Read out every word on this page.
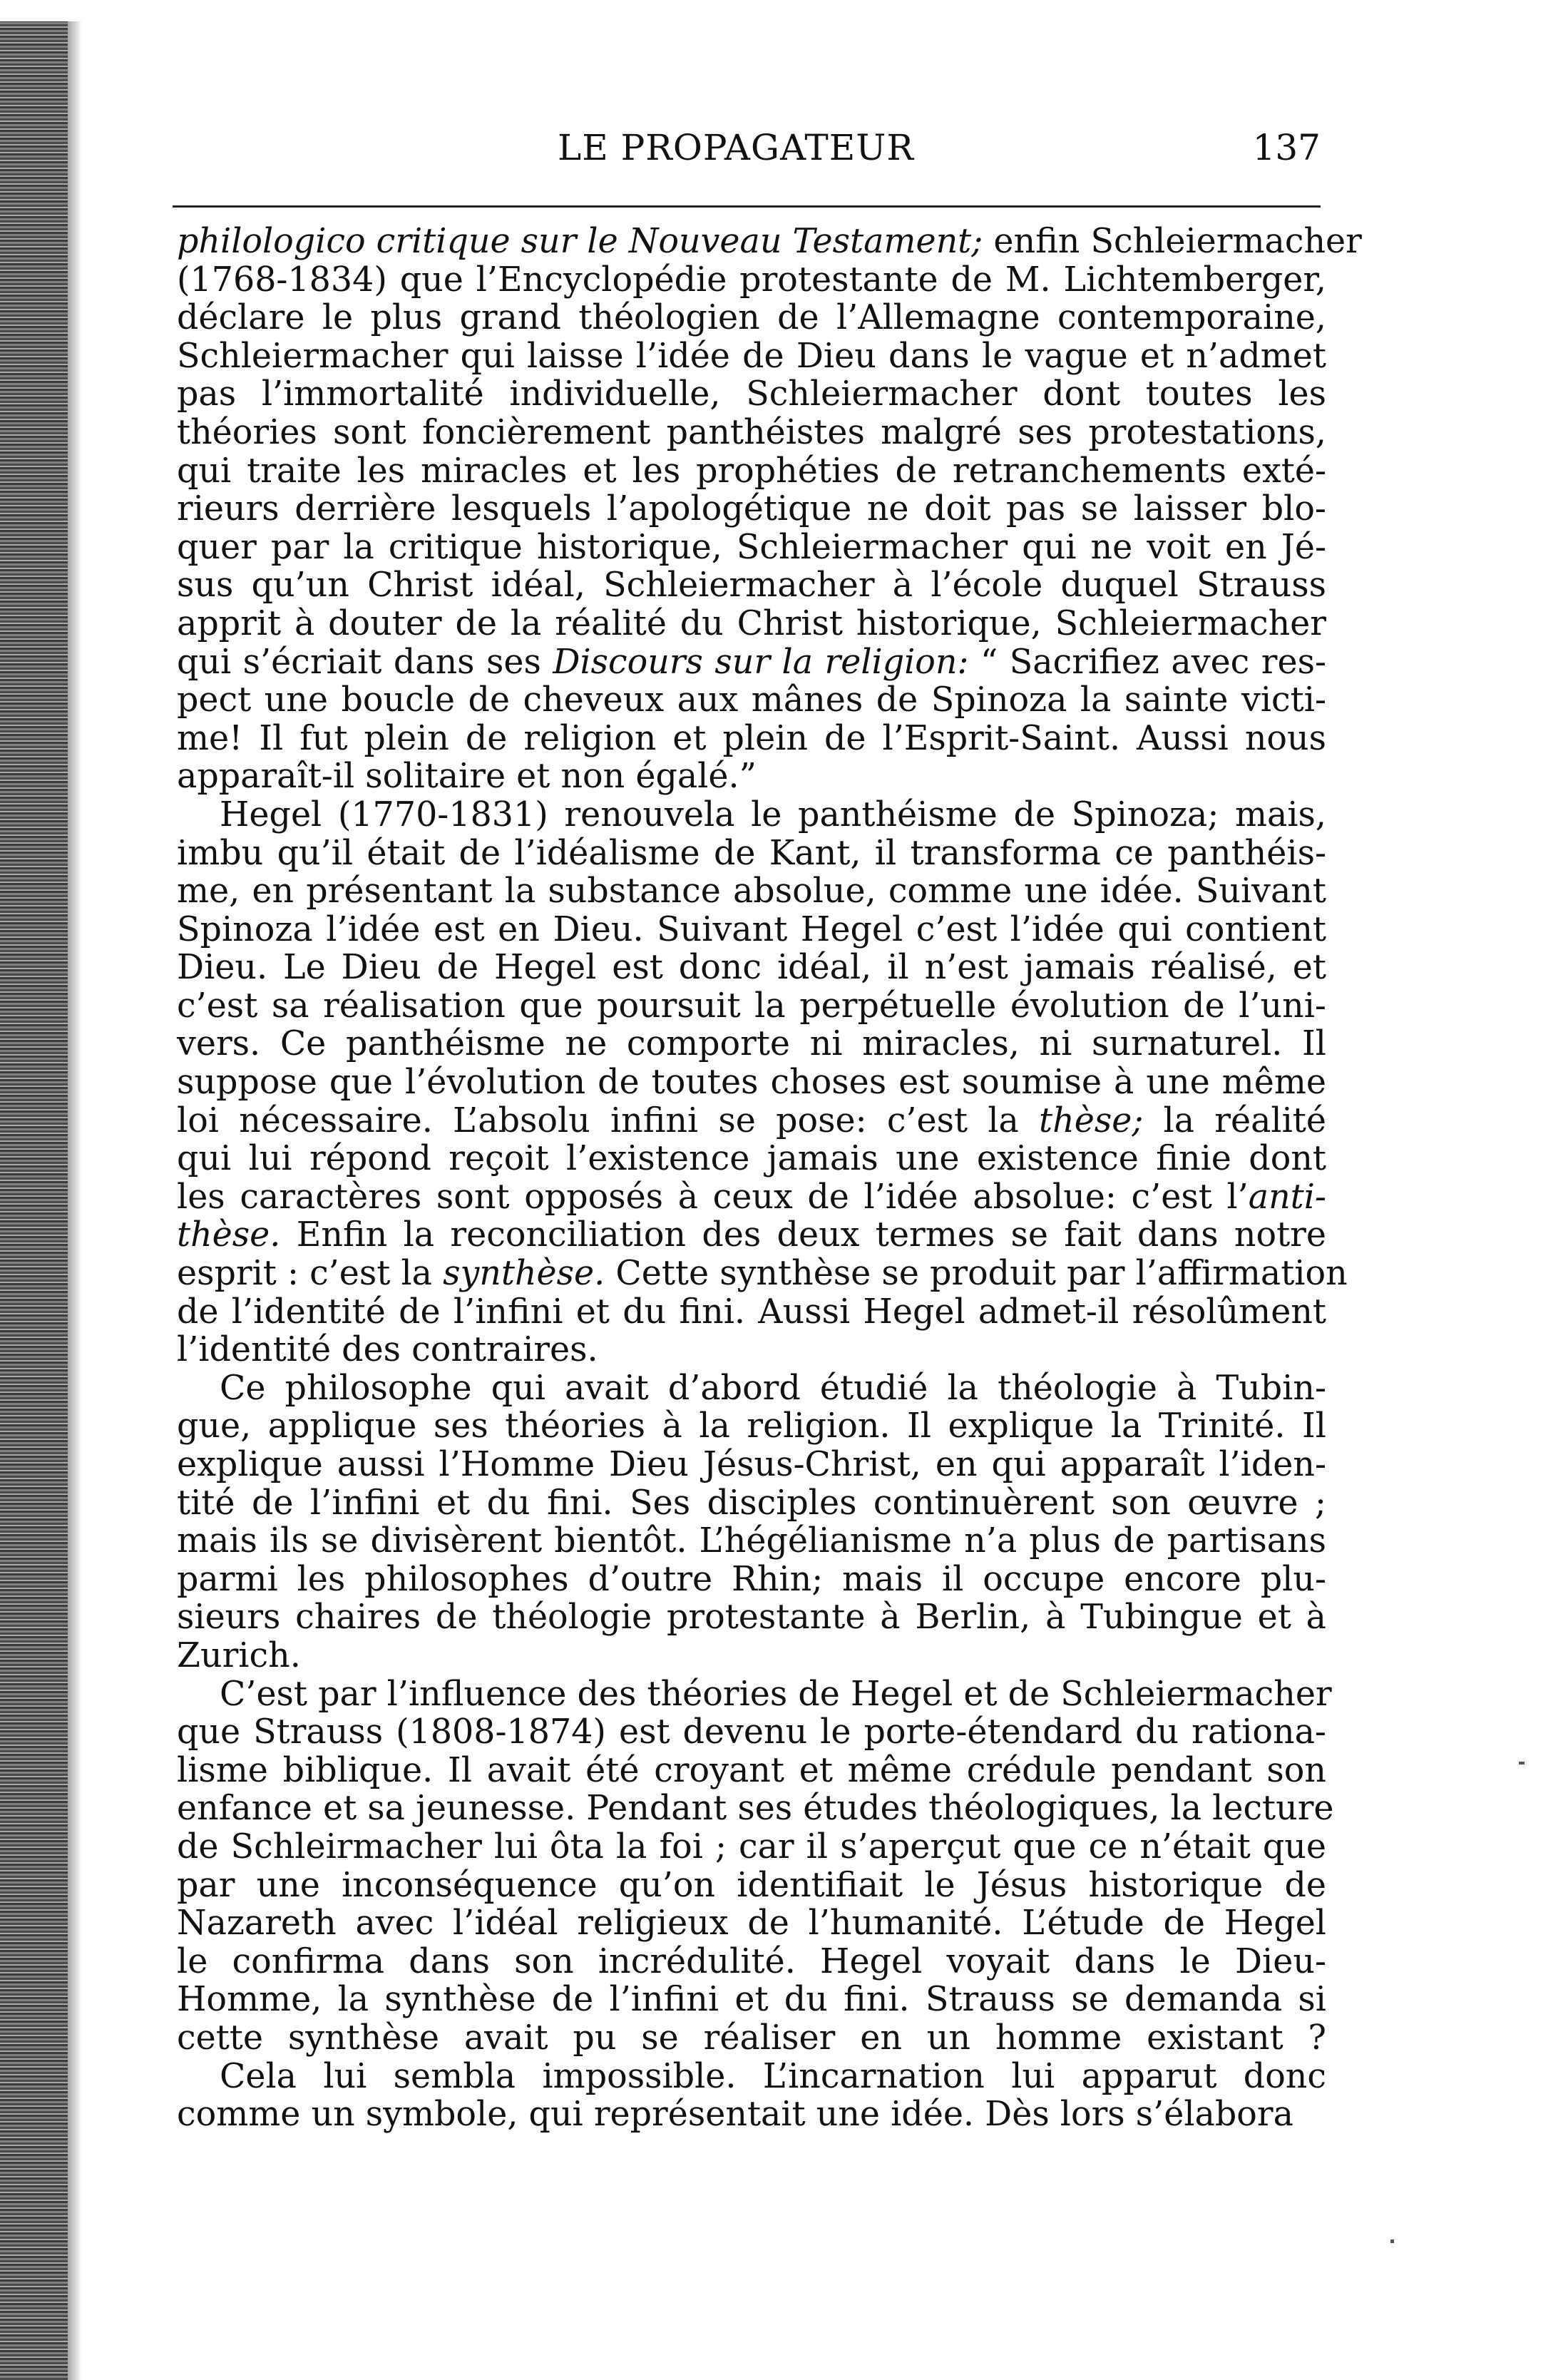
LE PROPAGATEUR	137
philologico critique sur le Nouveau Testament; enfin Schleiermacher
(1768-1834) que l’Encyclopédie protestante de M. Lichtemberger,
déclare le plus grand théologien de l’Allemagne contemporaine,
Schleiermacher qui laisse l’idée de Dieu dans le vague et n’admet
pas l’immortalité individuelle, Schleiermacher dont toutes les
théories sont foncièrement panthéistes malgré ses protestations,
qui traite les miracles et les prophéties de retranchements exté-
rieurs derrière lesquels l’apologétique ne doit pas se laisser blo-
quer par la critique historique, Schleiermacher qui ne voit en Jé-
sus qu’un Christ idéal, Schleiermacher à l’école duquel Strauss
apprit à douter de la réalité du Christ historique, Schleiermacher
qui s’écriait dans ses Discours sur la religion: “ Sacrifiez avec res-
pect une boucle de cheveux aux mânes de Spinoza la sainte victi-
me! Il fut plein de religion et plein de l’Esprit-Saint. Aussi nous
apparaît-il solitaire et non égalé.”
Hegel (1770-1831) renouvela le panthéisme de Spinoza; mais,
imbu qu’il était de l’idéalisme de Kant, il transforma ce panthéis-
me, en présentant la substance absolue, comme une idée. Suivant
Spinoza l’idée est en Dieu. Suivant Hegel c’est l’idée qui contient
Dieu. Le Dieu de Hegel est donc idéal, il n’est jamais réalisé, et
c’est sa réalisation que poursuit la perpétuelle évolution de l’uni-
vers. Ce panthéisme ne comporte ni miracles, ni surnaturel. Il
suppose que l’évolution de toutes choses est soumise à une même
loi nécessaire. L’absolu infini se pose: c’est la thèse; la réalité
qui lui répond reçoit l’existence jamais une existence finie dont
les caractères sont opposés à ceux de l’idée absolue: c’est l’anti-
thèse. Enfin la reconciliation des deux termes se fait dans notre
esprit : c’est la synthèse. Cette synthèse se produit par l’affirmation
de l’identité de l’infini et du fini. Aussi Hegel admet-il résolûment
l’identité des contraires.
Ce philosophe qui avait d’abord étudié la théologie à Tubin-
gue, applique ses théories à la religion. Il explique la Trinité. Il
explique aussi l’Homme Dieu Jésus-Christ, en qui apparaît l’iden-
tité de l’infini et du fini. Ses disciples continuèrent son œuvre ;
mais ils se divisèrent bientôt. L’hégélianisme n’a plus de partisans
parmi les philosophes d’outre Rhin; mais il occupe encore plu-
sieurs chaires de théologie protestante à Berlin, à Tubingue et à
Zurich.
C’est par l’influence des théories de Hegel et de Schleiermacher
que Strauss (1808-1874) est devenu le porte-étendard du rationa-
lisme biblique. Il avait été croyant et même crédule pendant son
enfance et sa jeunesse. Pendant ses études théologiques, la lecture
de Schleirmacher lui ôta la foi ; car il s’aperçut que ce n’était que
par une inconséquence qu’on identifiait le Jésus historique de
Nazareth avec l’idéal religieux de l’humanité. L’étude de Hegel
le confirma dans son incrédulité. Hegel voyait dans le Dieu-
Homme, la synthèse de l’infini et du fini. Strauss se demanda si
cette synthèse avait pu se réaliser en un homme existant ?
Cela lui sembla impossible. L’incarnation lui apparut donc
comme un symbole, qui représentait une idée. Dès lors s’élabora
